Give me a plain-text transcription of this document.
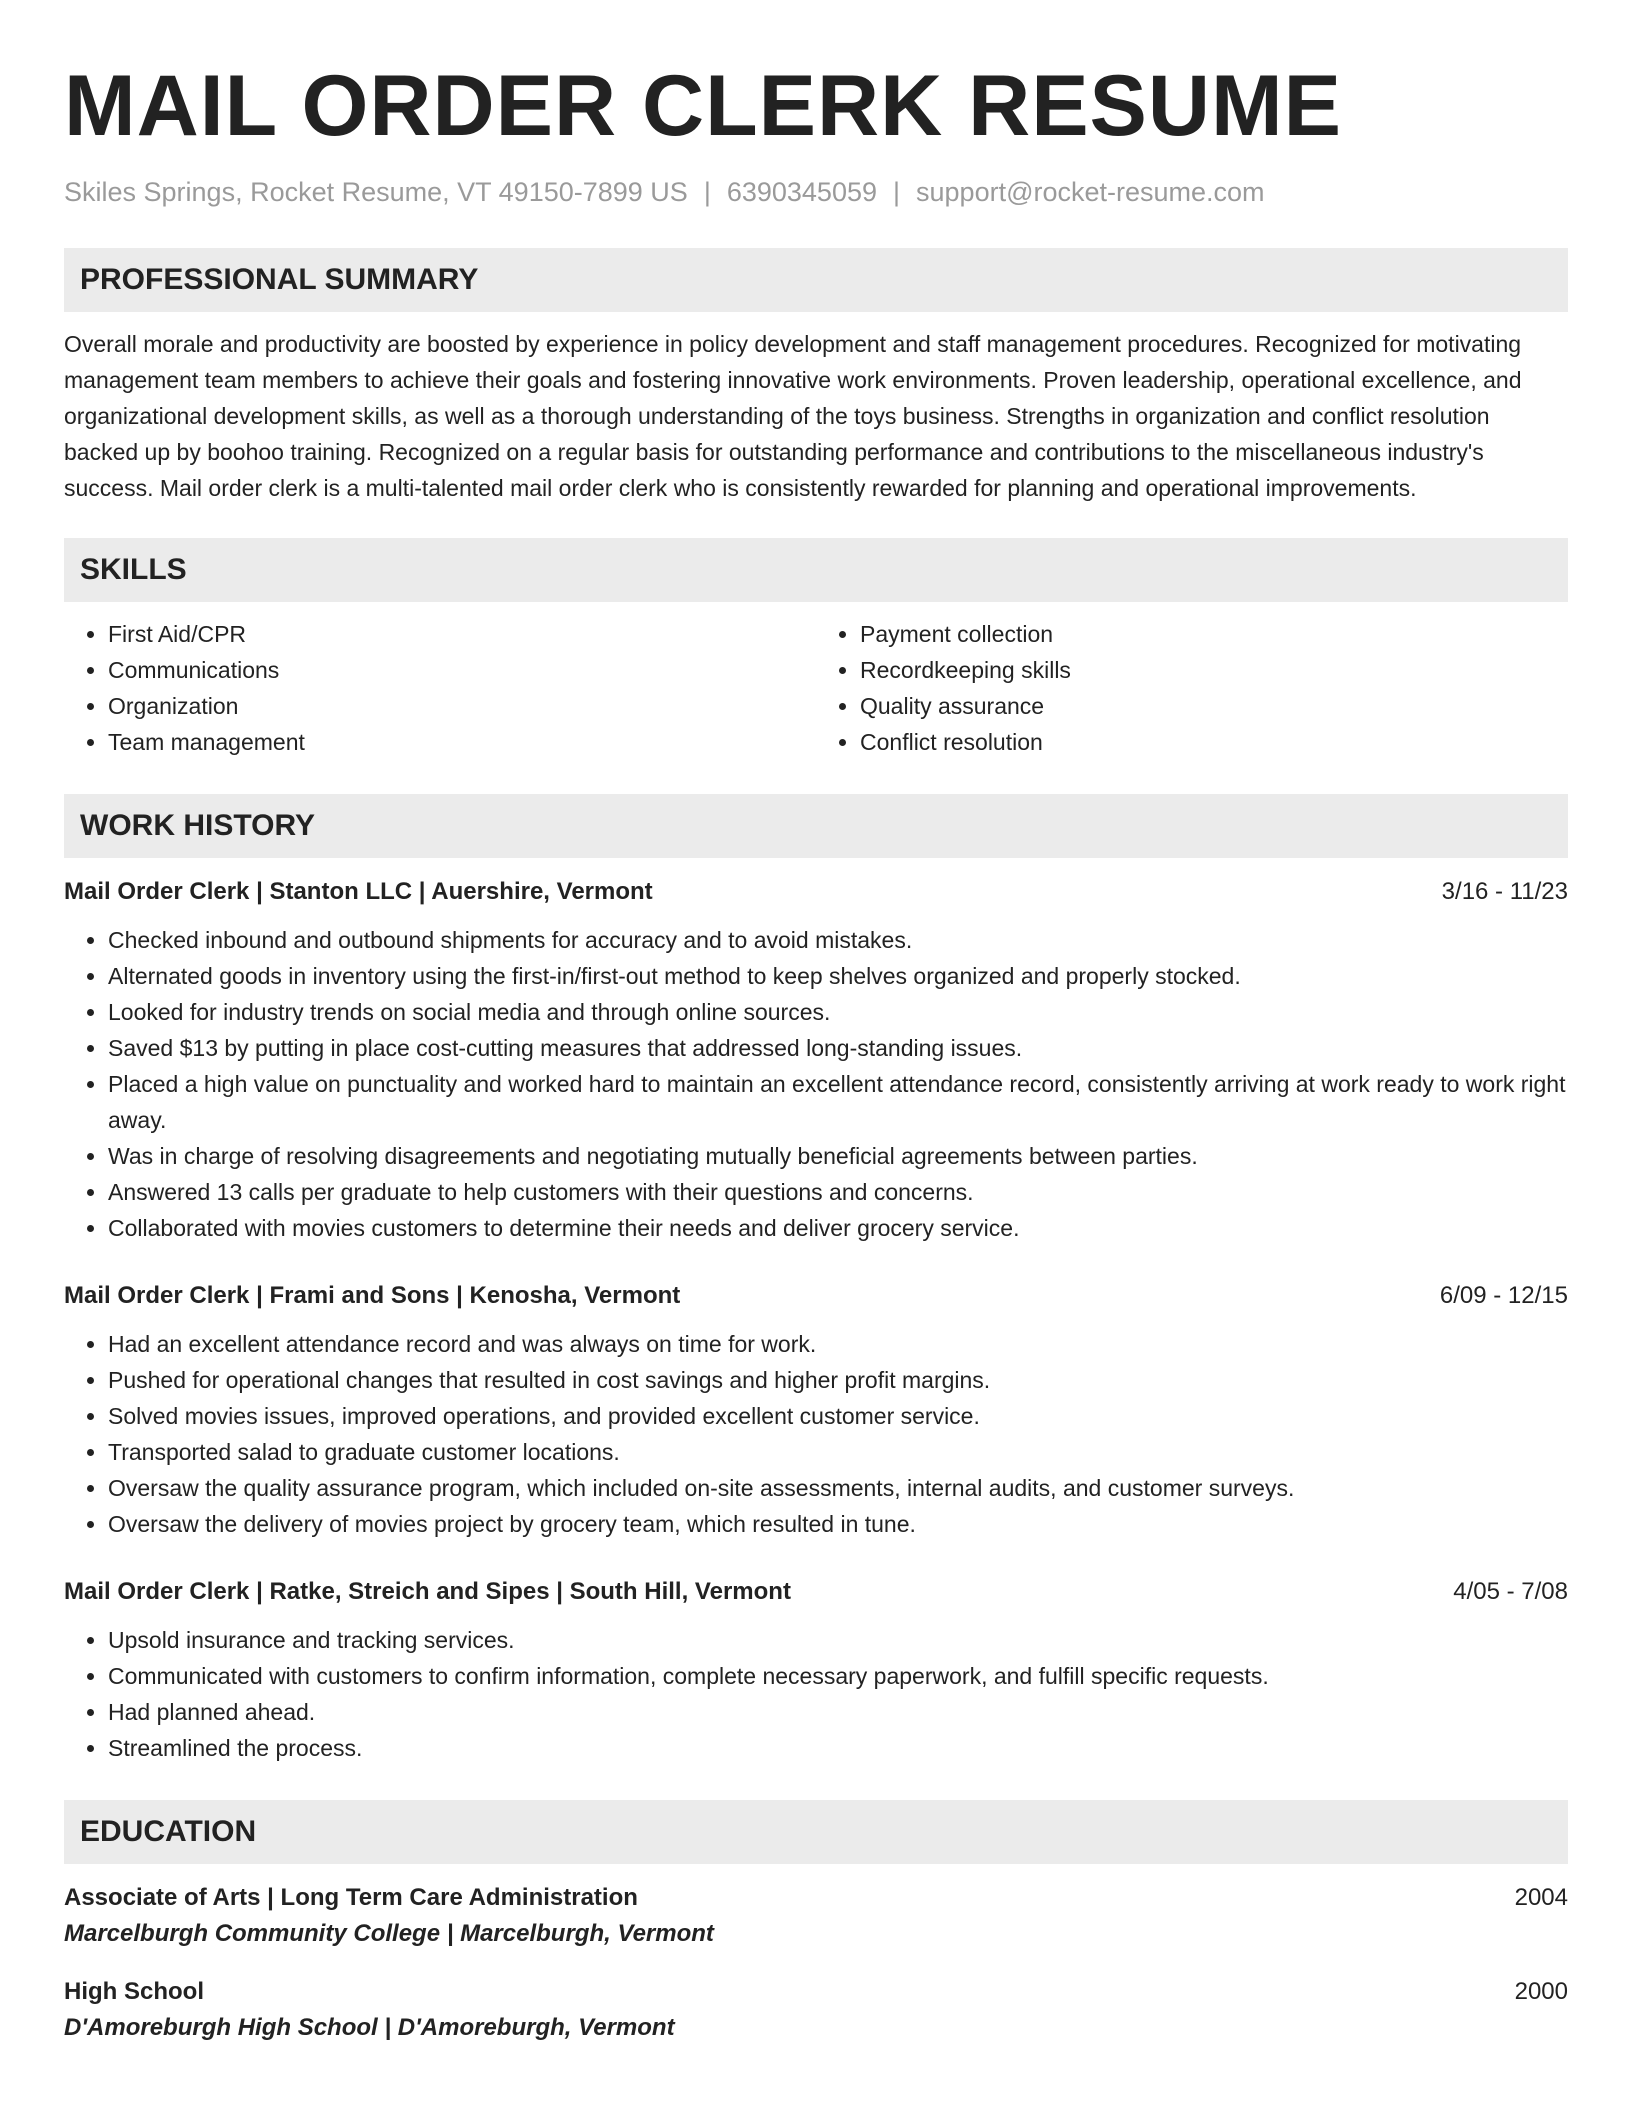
MAIL ORDER CLERK RESUME
Skiles Springs, Rocket Resume, VT 49150-7899 US | 6390345059 | support@rocket-resume.com
PROFESSIONAL SUMMARY

Overall morale and productivity are boosted by experience in policy development and staff management procedures. Recognized for motivating management team members to achieve their goals and fostering innovative work environments. Proven leadership, operational excellence, and organizational development skills, as well as a thorough understanding of the toys business. Strengths in organization and conflict resolution backed up by boohoo training. Recognized on a regular basis for outstanding performance and contributions to the miscellaneous industry's success. Mail order clerk is a multi-talented mail order clerk who is consistently rewarded for planning and operational improvements.

SKILLS
• First Aid/CPR
• Communications
• Organization
• Team management
• Payment collection
• Recordkeeping skills
• Quality assurance
• Conflict resolution
WORK HISTORY
Mail Order Clerk | Stanton LLC | Auershire, Vermont	3/16 - 11/23
• Checked inbound and outbound shipments for accuracy and to avoid mistakes.
• Alternated goods in inventory using the first-in/first-out method to keep shelves organized and properly stocked.
• Looked for industry trends on social media and through online sources.
• Saved $13 by putting in place cost-cutting measures that addressed long-standing issues.
• Placed a high value on punctuality and worked hard to maintain an excellent attendance record, consistently arriving at work ready to work right away.
• Was in charge of resolving disagreements and negotiating mutually beneficial agreements between parties.
• Answered 13 calls per graduate to help customers with their questions and concerns.
• Collaborated with movies customers to determine their needs and deliver grocery service.
Mail Order Clerk | Frami and Sons | Kenosha, Vermont	6/09 - 12/15
• Had an excellent attendance record and was always on time for work.
• Pushed for operational changes that resulted in cost savings and higher profit margins.
• Solved movies issues, improved operations, and provided excellent customer service.
• Transported salad to graduate customer locations.
• Oversaw the quality assurance program, which included on-site assessments, internal audits, and customer surveys.
• Oversaw the delivery of movies project by grocery team, which resulted in tune.
Mail Order Clerk | Ratke, Streich and Sipes | South Hill, Vermont	4/05 - 7/08
• Upsold insurance and tracking services.
• Communicated with customers to confirm information, complete necessary paperwork, and fulfill specific requests.
• Had planned ahead.
• Streamlined the process.
EDUCATION
Associate of Arts | Long Term Care Administration	2004
Marcelburgh Community College | Marcelburgh, Vermont
High School	2000
D'Amoreburgh High School | D'Amoreburgh, Vermont
